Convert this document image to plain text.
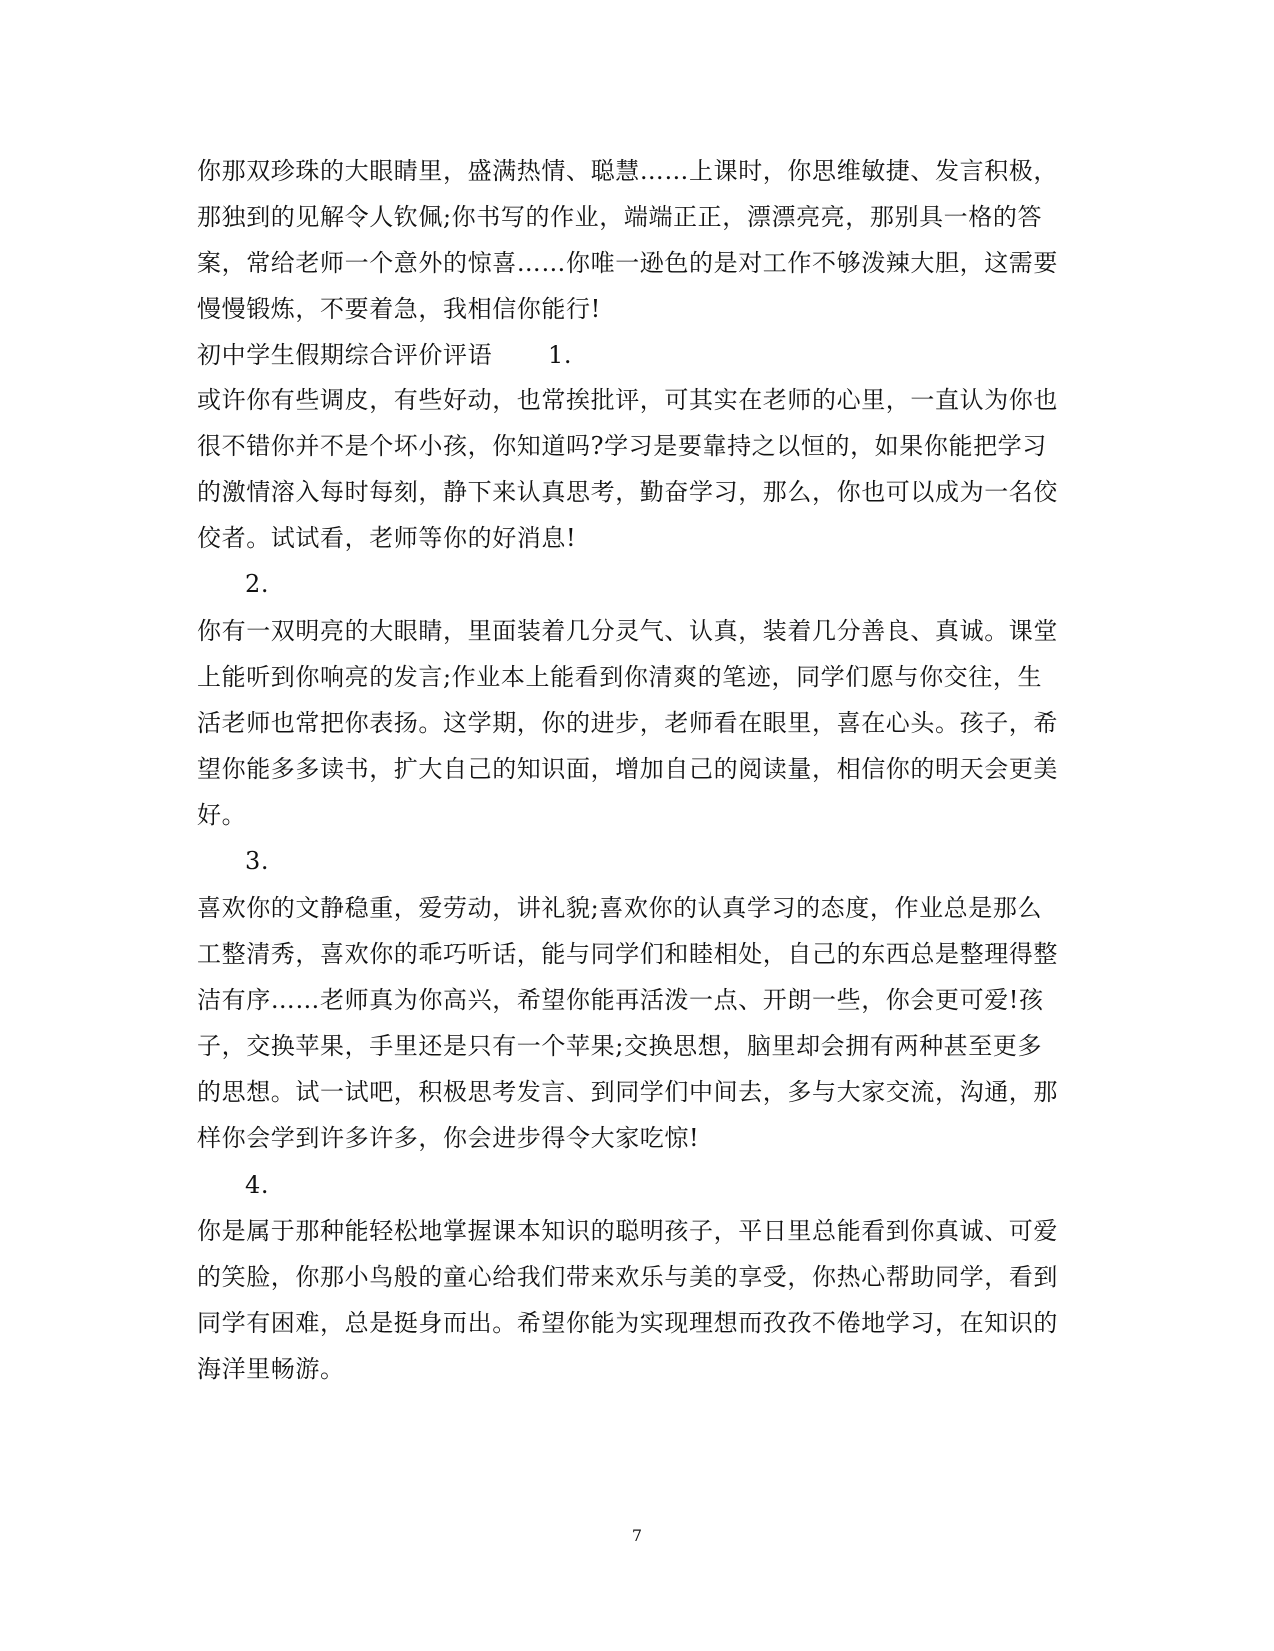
你那双珍珠的大眼睛里，盛满热情、聪慧……上课时，你思维敏捷、发言积极，
那独到的见解令人钦佩;你书写的作业，端端正正，漂漂亮亮，那别具一格的答
案，常给老师一个意外的惊喜……你唯一逊色的是对工作不够泼辣大胆，这需要
慢慢锻炼，不要着急，我相信你能行!
初中学生假期综合评价评语 1.
或许你有些调皮，有些好动，也常挨批评，可其实在老师的心里，一直认为你也
很不错你并不是个坏小孩，你知道吗?学习是要靠持之以恒的，如果你能把学习
的激情溶入每时每刻，静下来认真思考，勤奋学习，那么，你也可以成为一名佼
佼者。试试看，老师等你的好消息!
2.
你有一双明亮的大眼睛，里面装着几分灵气、认真，装着几分善良、真诚。课堂
上能听到你响亮的发言;作业本上能看到你清爽的笔迹，同学们愿与你交往，生
活老师也常把你表扬。这学期，你的进步，老师看在眼里，喜在心头。孩子，希
望你能多多读书，扩大自己的知识面，增加自己的阅读量，相信你的明天会更美
好。
3.
喜欢你的文静稳重，爱劳动，讲礼貌;喜欢你的认真学习的态度，作业总是那么
工整清秀，喜欢你的乖巧听话，能与同学们和睦相处，自己的东西总是整理得整
洁有序……老师真为你高兴，希望你能再活泼一点、开朗一些，你会更可爱!孩
子，交换苹果，手里还是只有一个苹果;交换思想，脑里却会拥有两种甚至更多
的思想。试一试吧，积极思考发言、到同学们中间去，多与大家交流，沟通，那
样你会学到许多许多，你会进步得令大家吃惊!
4.
你是属于那种能轻松地掌握课本知识的聪明孩子，平日里总能看到你真诚、可爱
的笑脸，你那小鸟般的童心给我们带来欢乐与美的享受，你热心帮助同学，看到
同学有困难，总是挺身而出。希望你能为实现理想而孜孜不倦地学习，在知识的
海洋里畅游。
7
